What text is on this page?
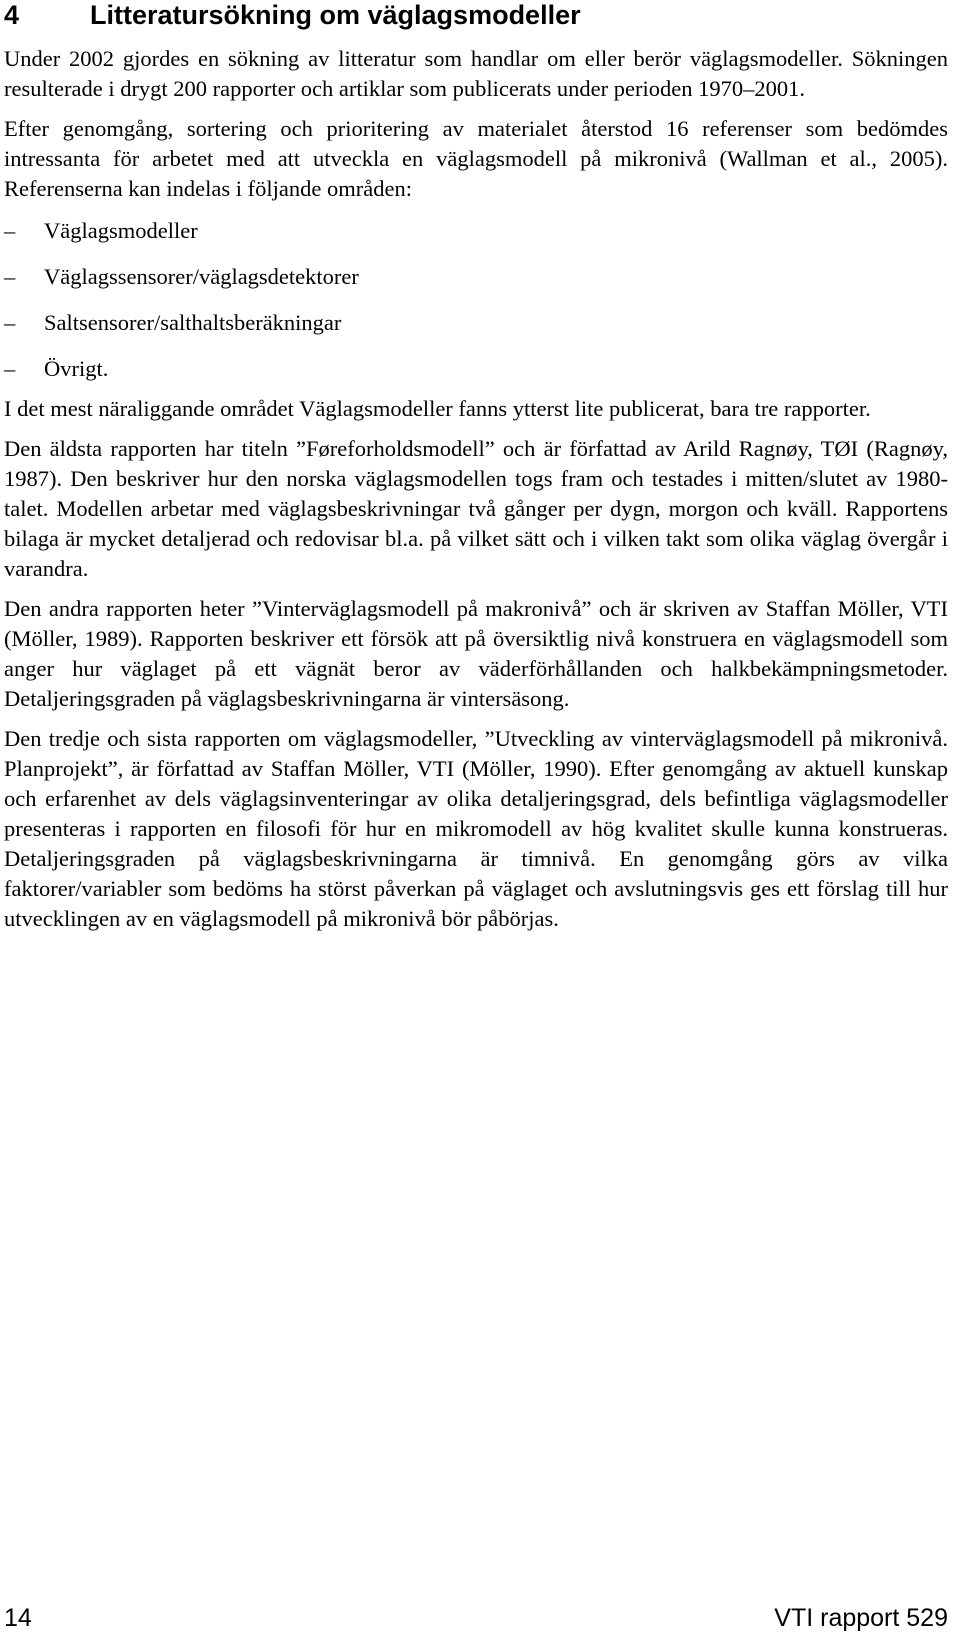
4	Litteratursökning om väglagsmodeller

Under 2002 gjordes en sökning av litteratur som handlar om eller berör väglagsmodeller. Sökningen resulterade i drygt 200 rapporter och artiklar som publicerats under perioden 1970–2001.

Efter genomgång, sortering och prioritering av materialet återstod 16 referenser som bedömdes intressanta för arbetet med att utveckla en väglagsmodell på mikronivå (Wallman et al., 2005). Referenserna kan indelas i följande områden:

–	Väglagsmodeller
–	Väglagssensorer/väglagsdetektorer
–	Saltsensorer/salthaltsberäkningar
–	Övrigt.

I det mest näraliggande området Väglagsmodeller fanns ytterst lite publicerat, bara tre rapporter.

Den äldsta rapporten har titeln ”Føreforholdsmodell” och är författad av Arild Ragnøy, TØI (Ragnøy, 1987). Den beskriver hur den norska väglagsmodellen togs fram och testades i mitten/slutet av 1980-talet. Modellen arbetar med väglagsbeskrivningar två gånger per dygn, morgon och kväll. Rapportens bilaga är mycket detaljerad och redovisar bl.a. på vilket sätt och i vilken takt som olika väglag övergår i varandra.

Den andra rapporten heter ”Vinterväglagsmodell på makronivå” och är skriven av Staffan Möller, VTI (Möller, 1989). Rapporten beskriver ett försök att på översiktlig nivå konstruera en väglagsmodell som anger hur väglaget på ett vägnät beror av väderförhållanden och halkbekämpningsmetoder. Detaljeringsgraden på väglagsbeskrivningarna är vintersäsong.

Den tredje och sista rapporten om väglagsmodeller, ”Utveckling av vinterväglagsmodell på mikronivå. Planprojekt”, är författad av Staffan Möller, VTI (Möller, 1990). Efter genomgång av aktuell kunskap och erfarenhet av dels väglagsinventeringar av olika detaljeringsgrad, dels befintliga väglagsmodeller presenteras i rapporten en filosofi för hur en mikromodell av hög kvalitet skulle kunna konstrueras. Detaljeringsgraden på väglagsbeskrivningarna är timnivå. En genomgång görs av vilka faktorer/variabler som bedöms ha störst påverkan på väglaget och avslutningsvis ges ett förslag till hur utvecklingen av en väglagsmodell på mikronivå bör påbörjas.

14	VTI rapport 529
